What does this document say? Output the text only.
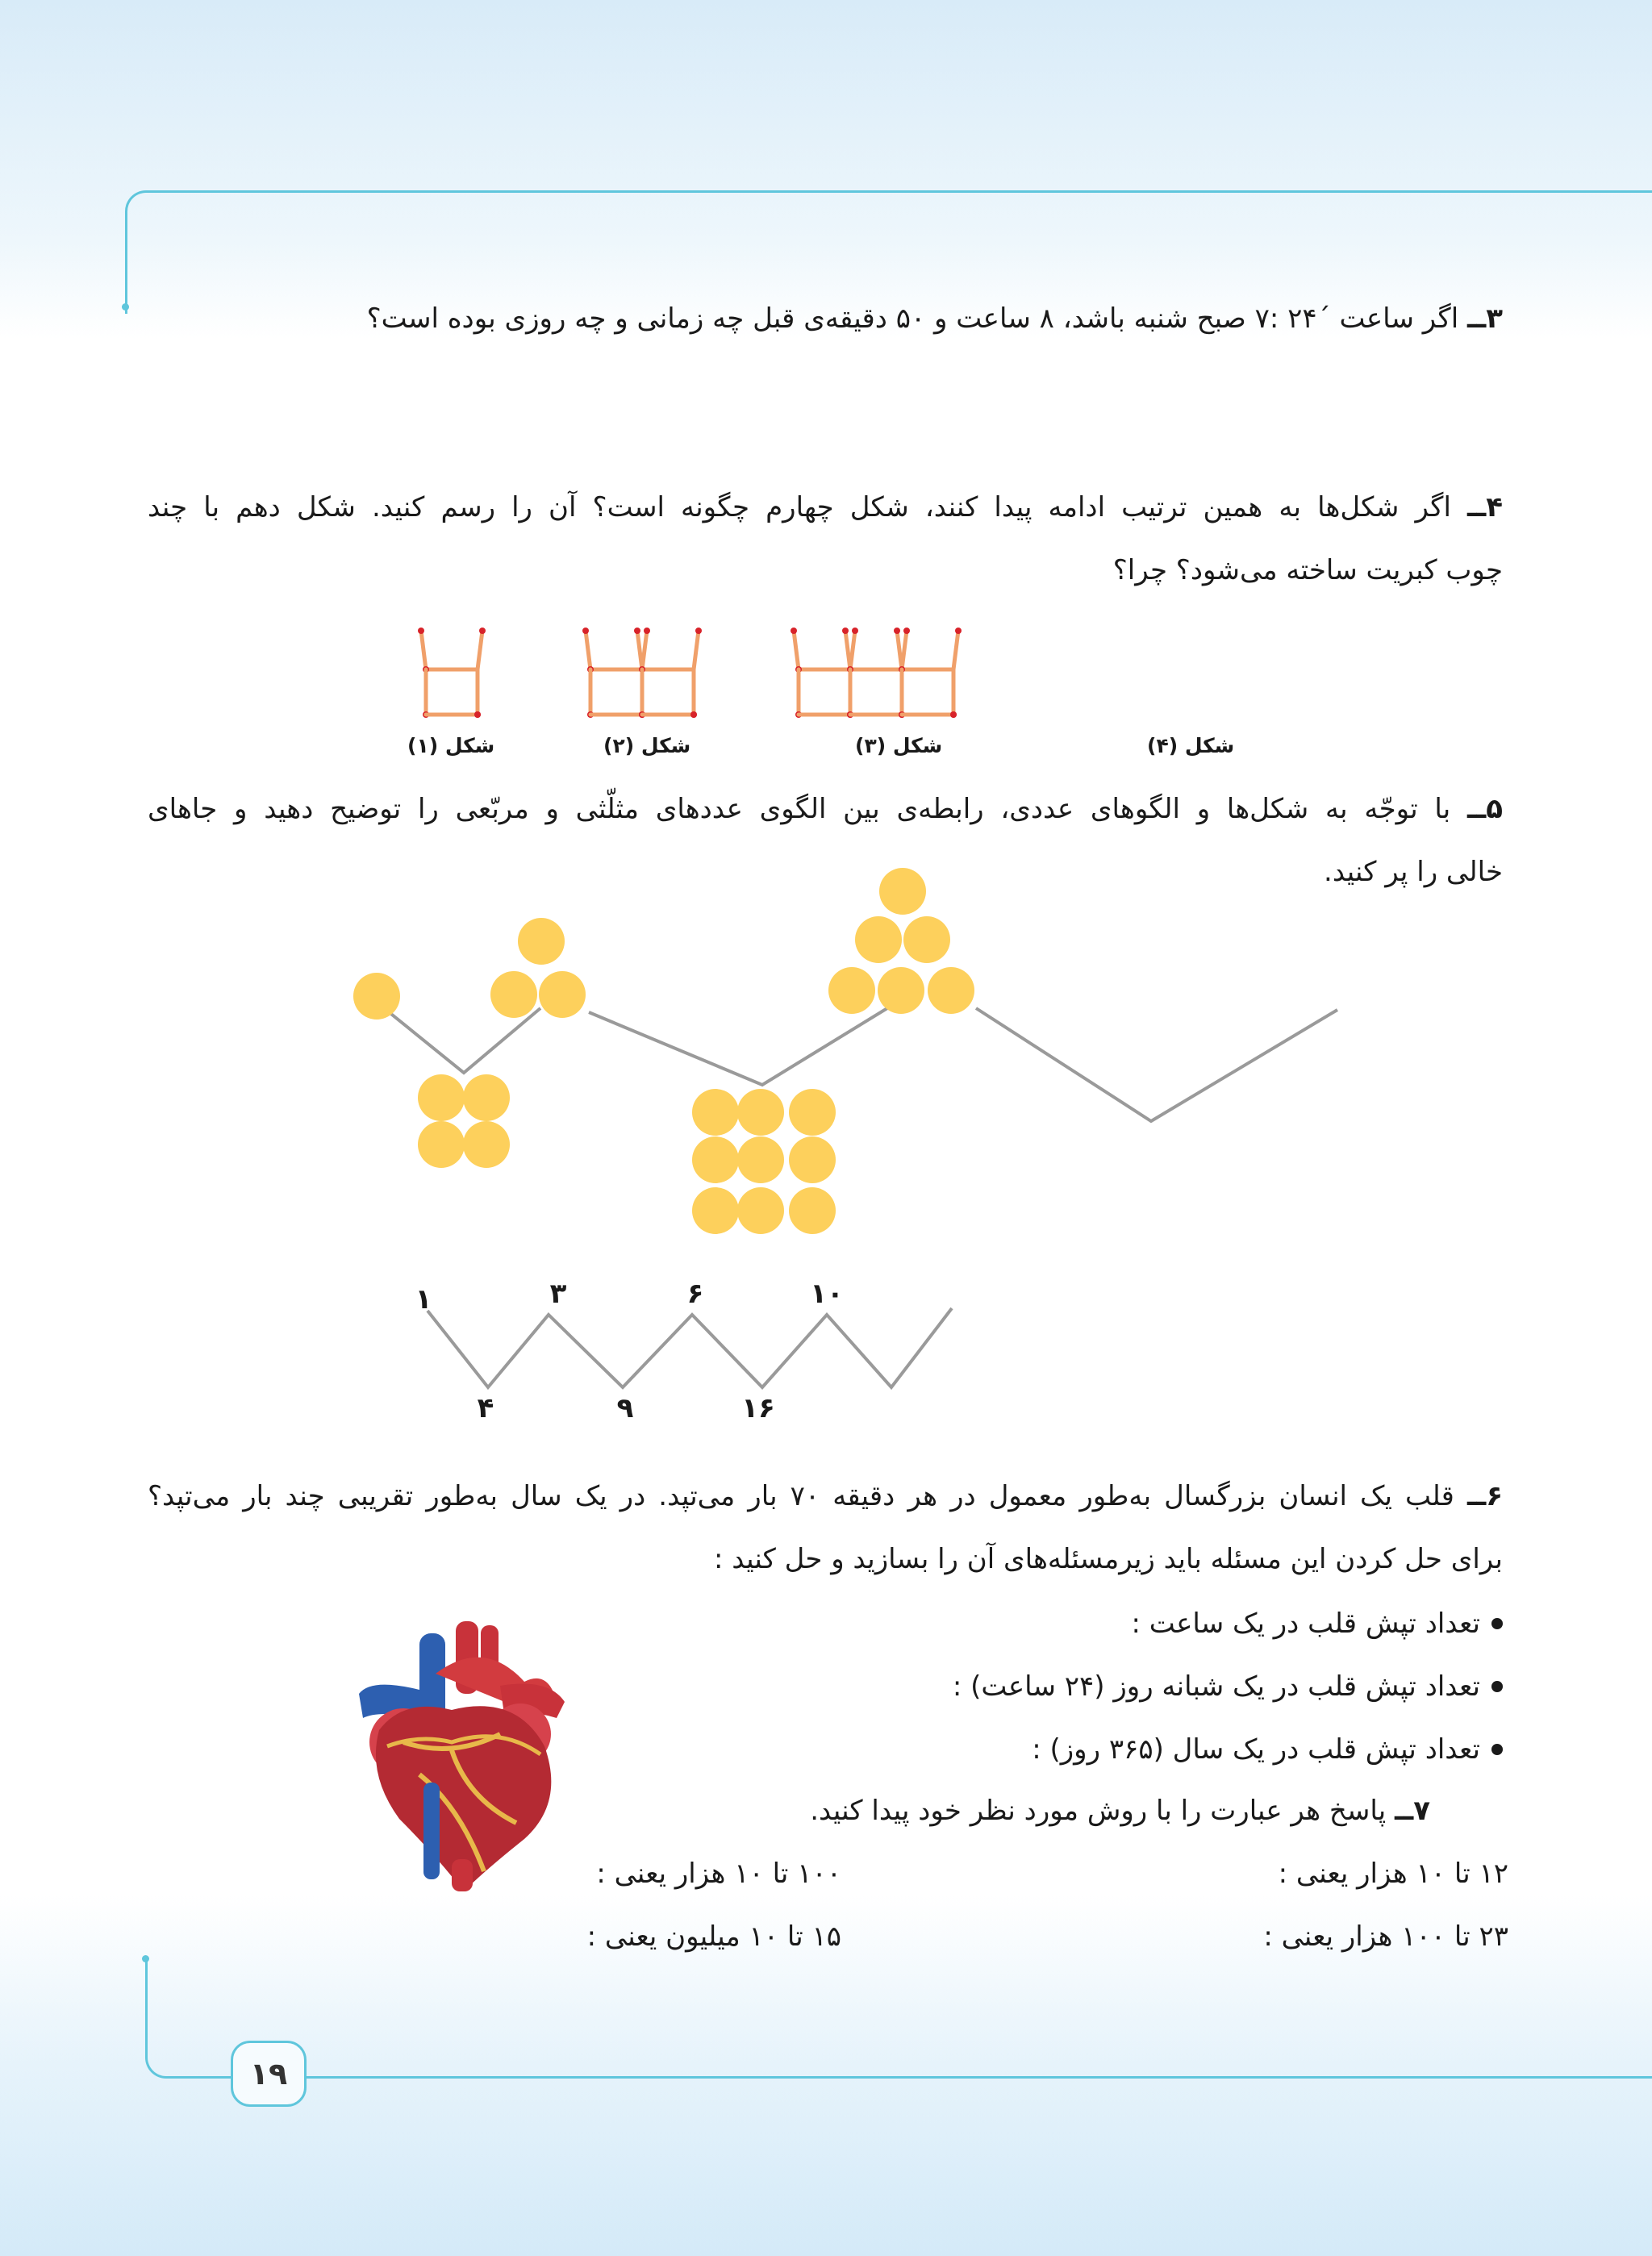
۱۹
۳ــ اگر ساعت ´۲۴ :۷ صبح شنبه باشد، ۸ ساعت و ۵۰ دقیقه‌ی قبل چه زمانی و چه روزی بوده است؟
۴ــ اگر شکل‌ها به همین ترتیب ادامه پیدا کنند، شکل چهارم چگونه است؟ آن را رسم کنید. شکل دهم با چند
چوب کبریت ساخته می‌شود؟ چرا؟
شکل (۱)	شکل (۲)	شکل (۳)	شکل (۴)
۵ــ با توجّه به شکل‌ها و الگوهای عددی، رابطه‌ی بین الگوی عددهای مثلّثی و مربّعی را توضیح دهید و جاهای
خالی را پر کنید.
۱	۳	۶	۱۰
۴	۹	۱۶
۶ــ قلب یک انسان بزرگسال به‌طور معمول در هر دقیقه ۷۰ بار می‌تپد. در یک سال به‌طور تقریبی چند بار می‌تپد؟
برای حل کردن این مسئله باید زیرمسئله‌های آن را بسازید و حل کنید :
تعداد تپش قلب در یک ساعت :
تعداد تپش قلب در یک شبانه روز (۲۴ ساعت) :
تعداد تپش قلب در یک سال (۳۶۵ روز) :
۷ــ پاسخ هر عبارت را با روش مورد نظر خود پیدا کنید.
۱۲ تا ۱۰ هزار یعنی :
۱۰۰ تا ۱۰ هزار یعنی :
۲۳ تا ۱۰۰ هزار یعنی :
۱۵ تا ۱۰ میلیون یعنی :
